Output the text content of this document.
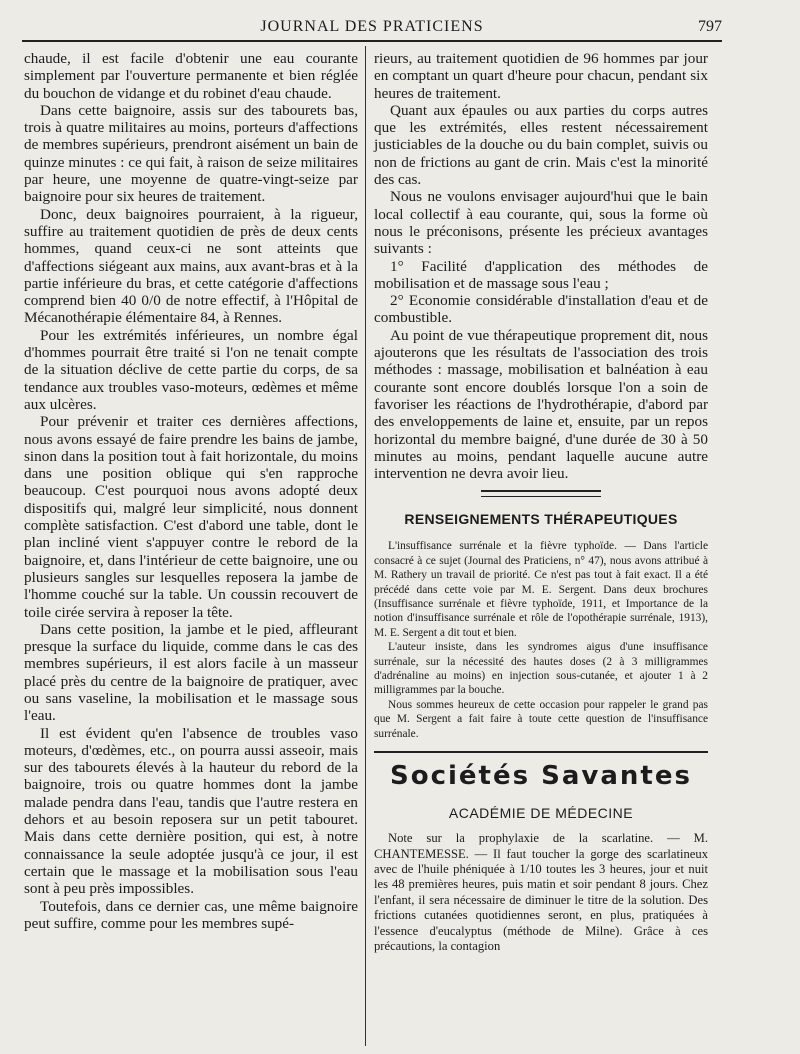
JOURNAL DES PRATICIENS	797

chaude, il est facile d'obtenir une eau courante simplement par l'ouverture permanente et bien réglée du bouchon de vidange et du robinet d'eau chaude.

Dans cette baignoire, assis sur des tabourets bas, trois à quatre militaires au moins, porteurs d'affections de membres supérieurs, prendront aisément un bain de quinze minutes : ce qui fait, à raison de seize militaires par heure, une moyenne de quatre-vingt-seize par baignoire pour six heures de traitement.

Donc, deux baignoires pourraient, à la rigueur, suffire au traitement quotidien de près de deux cents hommes, quand ceux-ci ne sont atteints que d'affections siégeant aux mains, aux avant-bras et à la partie inférieure du bras, et cette catégorie d'affections comprend bien 40 0/0 de notre effectif, à l'Hôpital de Mécanothérapie élémentaire 84, à Rennes.

Pour les extrémités inférieures, un nombre égal d'hommes pourrait être traité si l'on ne tenait compte de la situation déclive de cette partie du corps, de sa tendance aux troubles vaso-moteurs, œdèmes et même aux ulcères.

Pour prévenir et traiter ces dernières affections, nous avons essayé de faire prendre les bains de jambe, sinon dans la position tout à fait horizontale, du moins dans une position oblique qui s'en rapproche beaucoup. C'est pourquoi nous avons adopté deux dispositifs qui, malgré leur simplicité, nous donnent complète satisfaction. C'est d'abord une table, dont le plan incliné vient s'appuyer contre le rebord de la baignoire, et, dans l'intérieur de cette baignoire, une ou plusieurs sangles sur lesquelles reposera la jambe de l'homme couché sur la table. Un coussin recouvert de toile cirée servira à reposer la tête.

Dans cette position, la jambe et le pied, affleurant presque la surface du liquide, comme dans le cas des membres supérieurs, il est alors facile à un masseur placé près du centre de la baignoire de pratiquer, avec ou sans vaseline, la mobilisation et le massage sous l'eau.

Il est évident qu'en l'absence de troubles vaso moteurs, d'œdèmes, etc., on pourra aussi asseoir, mais sur des tabourets élevés à la hauteur du rebord de la baignoire, trois ou quatre hommes dont la jambe malade pendra dans l'eau, tandis que l'autre restera en dehors et au besoin reposera sur un petit tabouret. Mais dans cette dernière position, qui est, à notre connaissance la seule adoptée jusqu'à ce jour, il est certain que le massage et la mobilisation sous l'eau sont à peu près impossibles.

Toutefois, dans ce dernier cas, une même baignoire peut suffire, comme pour les membres supé-

rieurs, au traitement quotidien de 96 hommes par jour en comptant un quart d'heure pour chacun, pendant six heures de traitement.

Quant aux épaules ou aux parties du corps autres que les extrémités, elles restent nécessairement justiciables de la douche ou du bain complet, suivis ou non de frictions au gant de crin. Mais c'est la minorité des cas.

Nous ne voulons envisager aujourd'hui que le bain local collectif à eau courante, qui, sous la forme où nous le préconisons, présente les précieux avantages suivants :

1° Facilité d'application des méthodes de mobilisation et de massage sous l'eau ;

2° Economie considérable d'installation d'eau et de combustible.

Au point de vue thérapeutique proprement dit, nous ajouterons que les résultats de l'association des trois méthodes : massage, mobilisation et balnéation à eau courante sont encore doublés lorsque l'on a soin de favoriser les réactions de l'hydrothérapie, d'abord par des enveloppements de laine et, ensuite, par un repos horizontal du membre baigné, d'une durée de 30 à 50 minutes au moins, pendant laquelle aucune autre intervention ne devra avoir lieu.

RENSEIGNEMENTS THÉRAPEUTIQUES

L'insuffisance surrénale et la fièvre typhoïde. — Dans l'article consacré à ce sujet (Journal des Praticiens, n° 47), nous avons attribué à M. Rathery un travail de priorité. Ce n'est pas tout à fait exact. Il a été précédé dans cette voie par M. E. Sergent. Dans deux brochures (Insuffisance surrénale et fièvre typhoïde, 1911, et Importance de la notion d'insuffisance surrénale et rôle de l'opothérapie surrénale, 1913), M. E. Sergent a dit tout et bien.

L'auteur insiste, dans les syndromes aigus d'une insuffisance surrénale, sur la nécessité des hautes doses (2 à 3 milligrammes d'adrénaline au moins) en injection sous-cutanée, et ajouter 1 à 2 milligrammes par la bouche.

Nous sommes heureux de cette occasion pour rappeler le grand pas que M. Sergent a fait faire à toute cette question de l'insuffisance surrénale.

Sociétés Savantes
ACADÉMIE DE MÉDECINE

Note sur la prophylaxie de la scarlatine. — M. CHANTEMESSE. — Il faut toucher la gorge des scarlatineux avec de l'huile phéniquée à 1/10 toutes les 3 heures, jour et nuit les 48 premières heures, puis matin et soir pendant 8 jours. Chez l'enfant, il sera nécessaire de diminuer le titre de la solution. Des frictions cutanées quotidiennes seront, en plus, pratiquées à l'essence d'eucalyptus (méthode de Milne). Grâce à ces précautions, la contagion
